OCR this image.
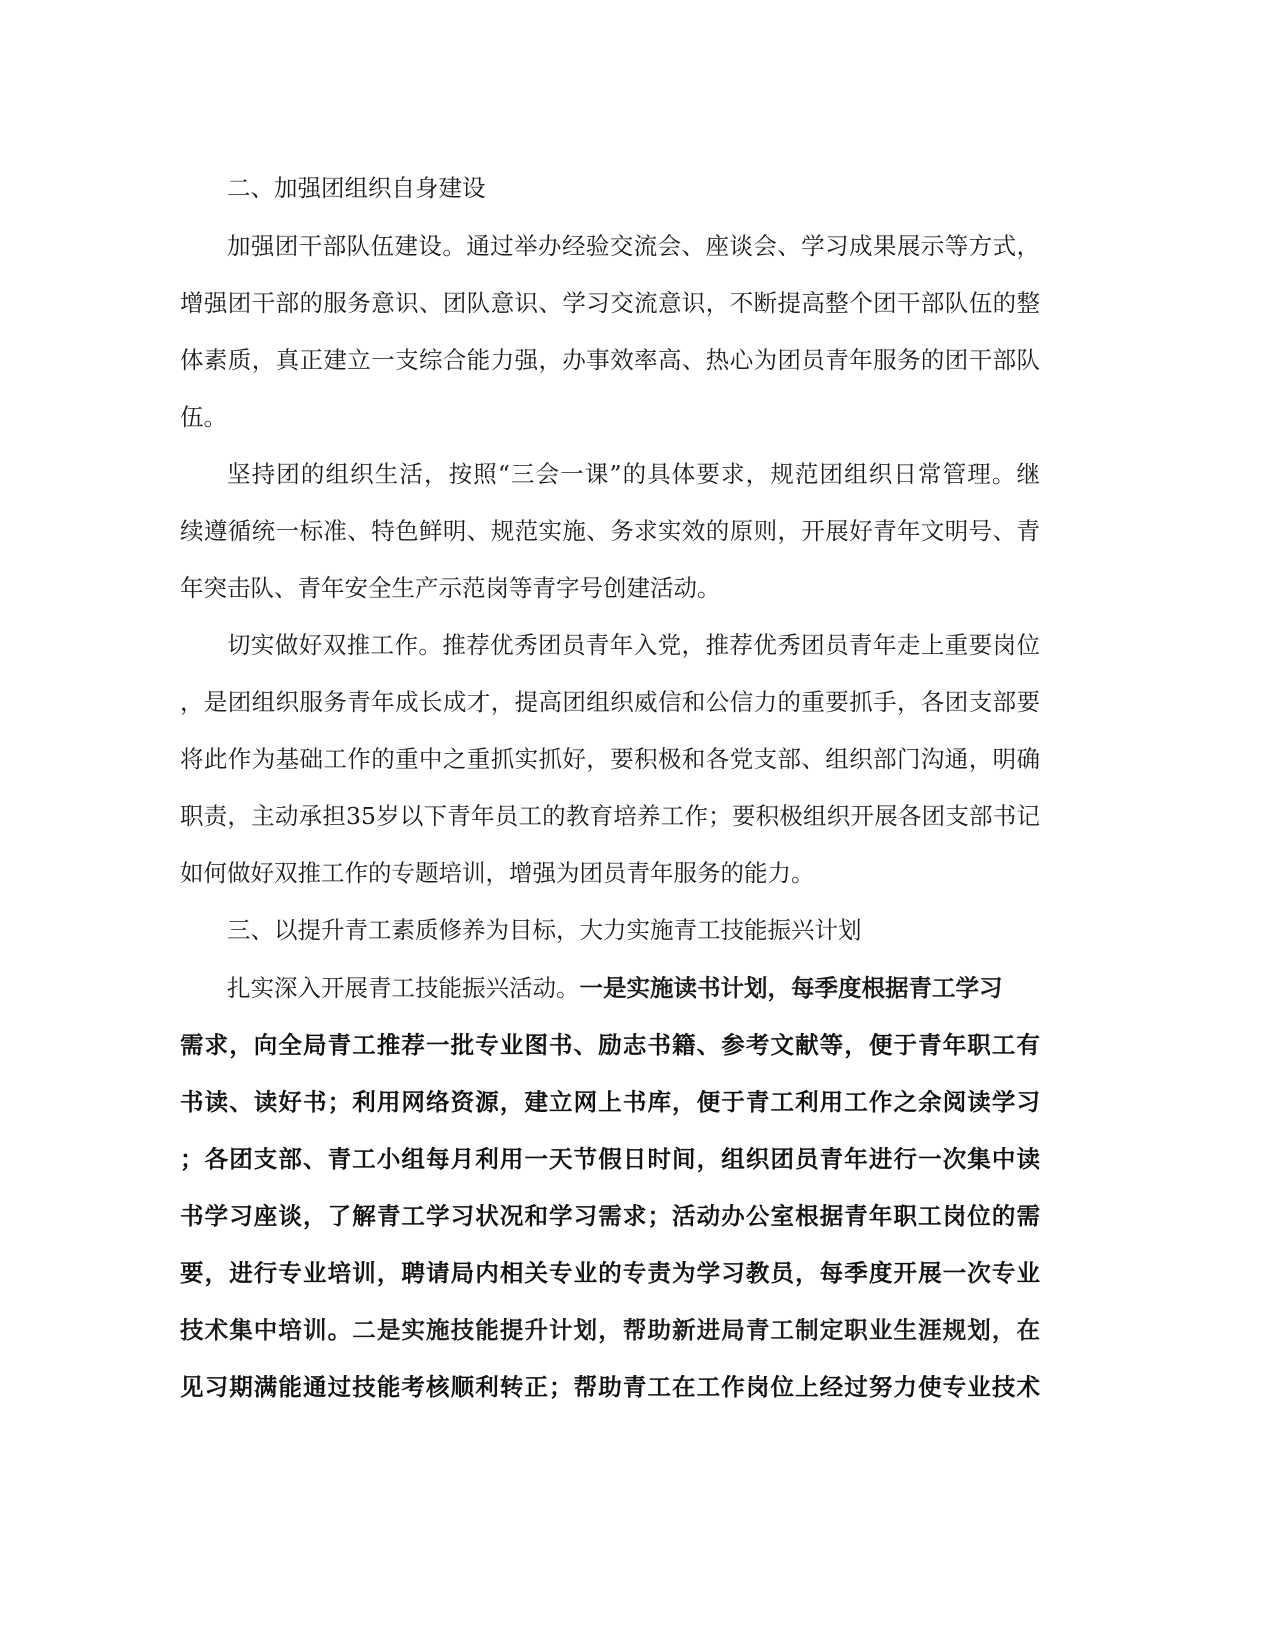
二、加强团组织自身建设
加强团干部队伍建设。通过举办经验交流会、座谈会、学习成果展示等方式，
增强团干部的服务意识、团队意识、学习交流意识，不断提高整个团干部队伍的整
体素质，真正建立一支综合能力强，办事效率高、热心为团员青年服务的团干部队
伍。
坚持团的组织生活，按照“三会一课”的具体要求，规范团组织日常管理。继
续遵循统一标准、特色鲜明、规范实施、务求实效的原则，开展好青年文明号、青
年突击队、青年安全生产示范岗等青字号创建活动。
切实做好双推工作。推荐优秀团员青年入党，推荐优秀团员青年走上重要岗位
，是团组织服务青年成长成才，提高团组织威信和公信力的重要抓手，各团支部要
将此作为基础工作的重中之重抓实抓好，要积极和各党支部、组织部门沟通，明确
职责，主动承担35岁以下青年员工的教育培养工作；要积极组织开展各团支部书记
如何做好双推工作的专题培训，增强为团员青年服务的能力。
三、以提升青工素质修养为目标，大力实施青工技能振兴计划
扎实深入开展青工技能振兴活动。一是实施读书计划，每季度根据青工学习
需求，向全局青工推荐一批专业图书、励志书籍、参考文献等，便于青年职工有
书读、读好书；利用网络资源，建立网上书库，便于青工利用工作之余阅读学习
；各团支部、青工小组每月利用一天节假日时间，组织团员青年进行一次集中读
书学习座谈，了解青工学习状况和学习需求；活动办公室根据青年职工岗位的需
要，进行专业培训，聘请局内相关专业的专责为学习教员，每季度开展一次专业
技术集中培训。二是实施技能提升计划，帮助新进局青工制定职业生涯规划，在
见习期满能通过技能考核顺利转正；帮助青工在工作岗位上经过努力使专业技术
